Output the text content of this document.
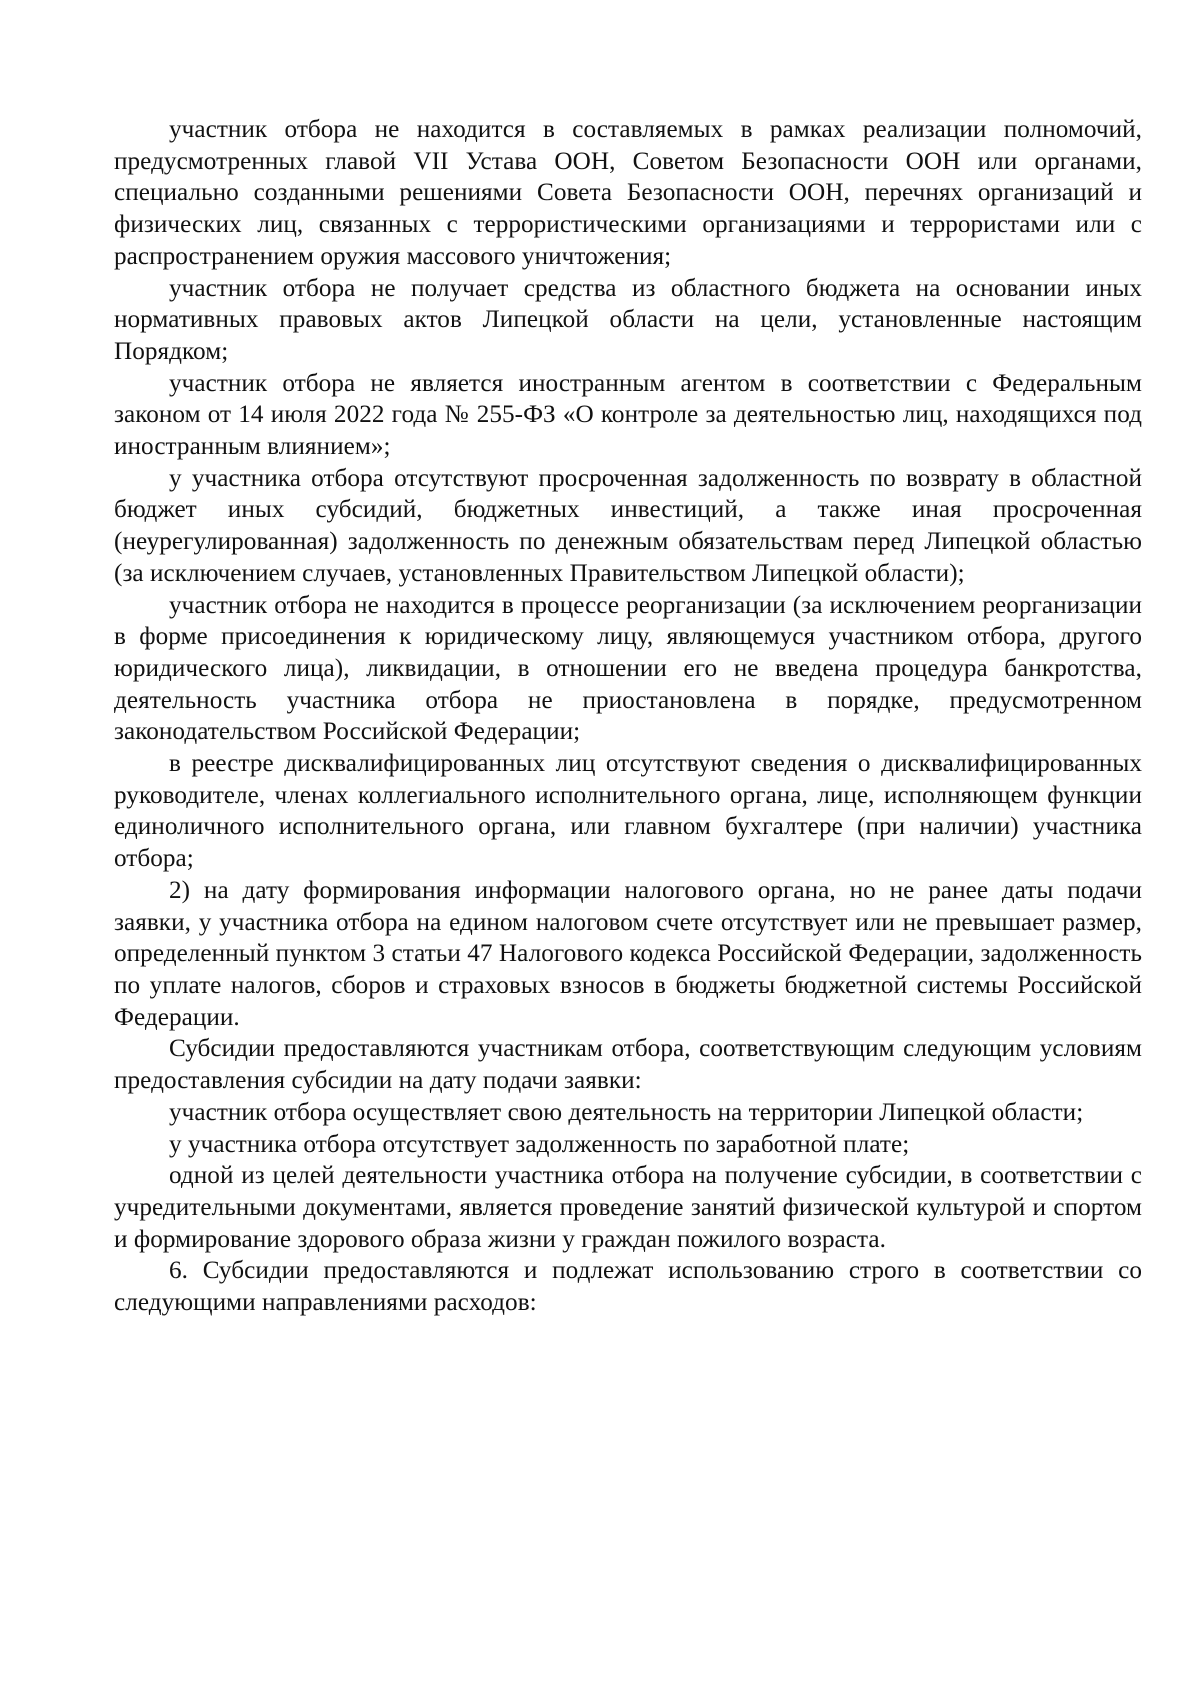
участник отбора не находится в составляемых в рамках реализации полномочий, предусмотренных главой VII Устава ООН, Советом Безопасности ООН или органами, специально созданными решениями Совета Безопасности ООН, перечнях организаций и физических лиц, связанных с террористическими организациями и террористами или с распространением оружия массового уничтожения;

участник отбора не получает средства из областного бюджета на основании иных нормативных правовых актов Липецкой области на цели, установленные настоящим Порядком;

участник отбора не является иностранным агентом в соответствии с Федеральным законом от 14 июля 2022 года № 255-ФЗ «О контроле за деятельностью лиц, находящихся под иностранным влиянием»;

у участника отбора отсутствуют просроченная задолженность по возврату в областной бюджет иных субсидий, бюджетных инвестиций, а также иная просроченная (неурегулированная) задолженность по денежным обязательствам перед Липецкой областью (за исключением случаев, установленных Правительством Липецкой области);

участник отбора не находится в процессе реорганизации (за исключением реорганизации в форме присоединения к юридическому лицу, являющемуся участником отбора, другого юридического лица), ликвидации, в отношении его не введена процедура банкротства, деятельность участника отбора не приостановлена в порядке, предусмотренном законодательством Российской Федерации;

в реестре дисквалифицированных лиц отсутствуют сведения о дисквалифицированных руководителе, членах коллегиального исполнительного органа, лице, исполняющем функции единоличного исполнительного органа, или главном бухгалтере (при наличии) участника отбора;

2) на дату формирования информации налогового органа, но не ранее даты подачи заявки, у участника отбора на едином налоговом счете отсутствует или не превышает размер, определенный пунктом 3 статьи 47 Налогового кодекса Российской Федерации, задолженность по уплате налогов, сборов и страховых взносов в бюджеты бюджетной системы Российской Федерации.

Субсидии предоставляются участникам отбора, соответствующим следующим условиям предоставления субсидии на дату подачи заявки:

участник отбора осуществляет свою деятельность на территории Липецкой области;

у участника отбора отсутствует задолженность по заработной плате;

одной из целей деятельности участника отбора на получение субсидии, в соответствии с учредительными документами, является проведение занятий физической культурой и спортом и формирование здорового образа жизни у граждан пожилого возраста.

6. Субсидии предоставляются и подлежат использованию строго в соответствии со следующими направлениями расходов:
